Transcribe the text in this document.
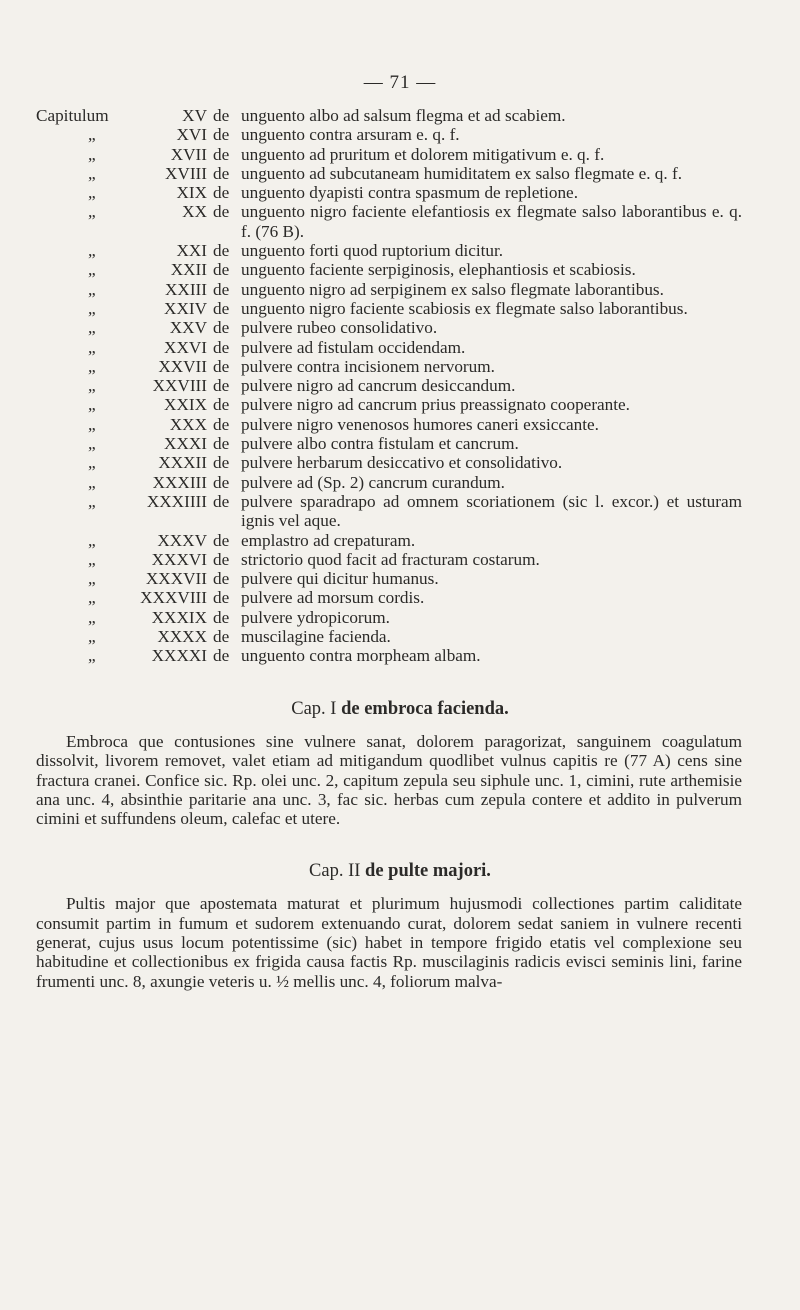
— 71 —
Capitulum	XV de unguento albo ad salsum flegma et ad scabiem.
„	XVI de unguento contra arsuram e. q. f.
„	XVII de unguento ad pruritum et dolorem mitigativum e. q. f.
„	XVIII de unguento ad subcutaneam humiditatem ex salso flegmate e. q. f.
„	XIX de unguento dyapisti contra spasmum de repletione.
„	XX de unguento nigro faciente elefantiosis ex flegmate salso laborantibus e. q. f. (76 B).
„	XXI de unguento forti quod ruptorium dicitur.
„	XXII de unguento faciente serpiginosis, elephantiosis et scabiosis.
„	XXIII de unguento nigro ad serpiginem ex salso flegmate laborantibus.
„	XXIV de unguento nigro faciente scabiosis ex flegmate salso laborantibus.
„	XXV de pulvere rubeo consolidativo.
„	XXVI de pulvere ad fistulam occidendam.
„	XXVII de pulvere contra incisionem nervorum.
„	XXVIII de pulvere nigro ad cancrum desiccandum.
„	XXIX de pulvere nigro ad cancrum prius preassignato cooperante.
„	XXX de pulvere nigro venenosos humores caneri exsiccante.
„	XXXI de pulvere albo contra fistulam et cancrum.
„	XXXII de pulvere herbarum desiccativo et consolidativo.
„	XXXIII de pulvere ad (Sp. 2) cancrum curandum.
„	XXXIIII de pulvere sparadrapo ad omnem scoriationem (sic l. excor.) et usturam ignis vel aque.
„	XXXV de emplastro ad crepaturam.
„	XXXVI de strictorio quod facit ad fracturam costarum.
„	XXXVII de pulvere qui dicitur humanus.
„	XXXVIII de pulvere ad morsum cordis.
„	XXXIX de pulvere ydropicorum.
„	XXXX de muscilagine facienda.
„	XXXXI de unguento contra morpheam albam.
Cap. I de embroca facienda.
Embroca que contusiones sine vulnere sanat, dolorem paragorizat, sanguinem coagulatum dissolvit, livorem removet, valet etiam ad mitigandum quodlibet vulnus capitis re (77 A) cens sine fractura cranei. Confice sic. Rp. olei unc. 2, capitum zepula seu siphule unc. 1, cimini, rute arthemisie ana unc. 4, absinthie paritarie ana unc. 3, fac sic. herbas cum zepula contere et addito in pulverum cimini et suffundens oleum, calefac et utere.
Cap. II de pulte majori.
Pultis major que apostemata maturat et plurimum hujusmodi collectiones partim caliditate consumit partim in fumum et sudorem extenuando curat, dolorem sedat saniem in vulnere recenti generat, cujus usus locum potentissime (sic) habet in tempore frigido etatis vel complexione seu habitudine et collectionibus ex frigida causa factis Rp. muscilaginis radicis evisci seminis lini, farine frumenti unc. 8, axungie veteris u. ½ mellis unc. 4, foliorum malva-
